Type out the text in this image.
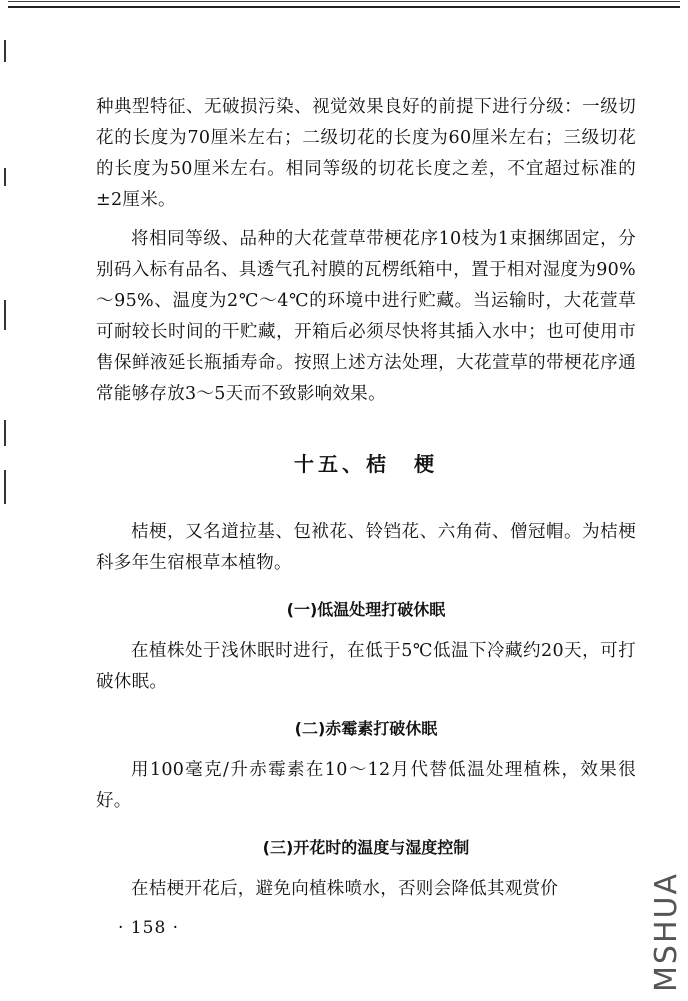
种典型特征、无破损污染、视觉效果良好的前提下进行分级：一级切花的长度为70厘米左右；二级切花的长度为60厘米左右；三级切花的长度为50厘米左右。相同等级的切花长度之差，不宜超过标准的±2厘米。

将相同等级、品种的大花萱草带梗花序10枝为1束捆绑固定，分别码入标有品名、具透气孔衬膜的瓦楞纸箱中，置于相对湿度为90%～95%、温度为2℃～4℃的环境中进行贮藏。当运输时，大花萱草可耐较长时间的干贮藏，开箱后必须尽快将其插入水中；也可使用市售保鲜液延长瓶插寿命。按照上述方法处理，大花萱草的带梗花序通常能够存放3～5天而不致影响效果。

十五、桔　梗

桔梗，又名道拉基、包袱花、铃铛花、六角荷、僧冠帽。为桔梗科多年生宿根草本植物。

(一)低温处理打破休眠

在植株处于浅休眠时进行，在低于5℃低温下冷藏约20天，可打破休眠。

(二)赤霉素打破休眠

用100毫克/升赤霉素在10～12月代替低温处理植株，效果很好。

(三)开花时的温度与湿度控制

在桔梗开花后，避免向植株喷水，否则会降低其观赏价

· 158 ·	MSHUA
